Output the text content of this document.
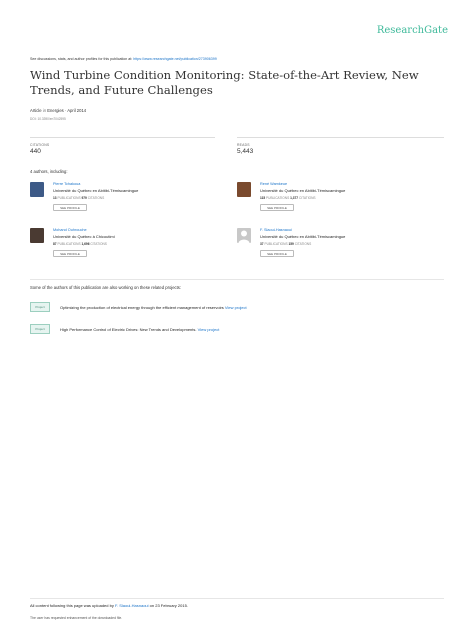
ResearchGate
See discussions, stats, and author profiles for this publication at: https://www.researchgate.net/publication/273906399
Wind Turbine Condition Monitoring: State-of-the-Art Review, New Trends, and Future Challenges
Article in Energies · April 2014
DOI: 10.3390/en7042595
CITATIONS
440
READS
5,443
4 authors, including:
Pierre Tchakoua
Université du Québec en Abitibi-Témiscamingue
13 PUBLICATIONS 979 CITATIONS
SEE PROFILE
René Wamkeue
Université du Québec en Abitibi-Témiscamingue
115 PUBLICATIONS 1,377 CITATIONS
SEE PROFILE
Mohand Ouhrouche
Université du Québec à Chicoutimi
87 PUBLICATIONS 1,696 CITATIONS
SEE PROFILE
F. Slaoui-Hasnaoui
Université du Québec en Abitibi-Témiscamingue
37 PUBLICATIONS 159 CITATIONS
SEE PROFILE
Some of the authors of this publication are also working on these related projects:
Project	Optimizing the production of electrical energy through the efficient management of reservoirs View project
Project	High Performance Control of Electric Drives: New Trends and Developments. View project
All content following this page was uploaded by F. Slaoui-Hasnaoui on 23 February 2015.
The user has requested enhancement of the downloaded file.
